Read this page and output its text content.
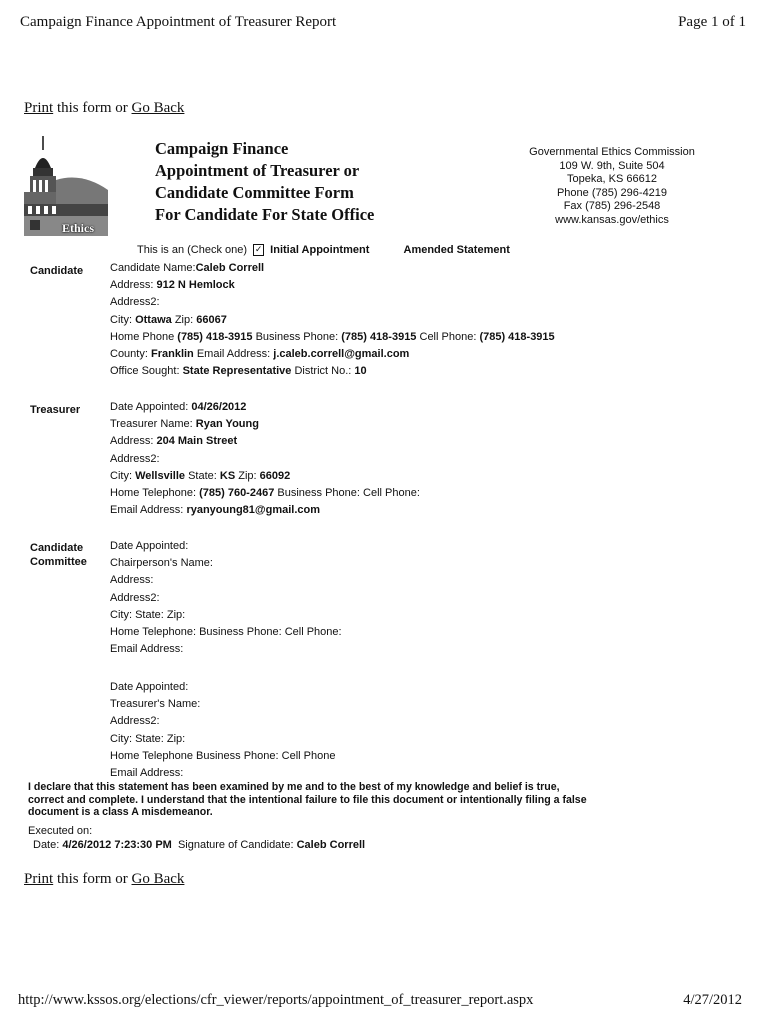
Campaign Finance Appointment of Treasurer Report	Page 1 of 1
Print this form or Go Back
Ethics
Campaign Finance
Appointment of Treasurer or
Candidate Committee Form
For Candidate For State Office
Governmental Ethics Commission
109 W. 9th, Suite 504
Topeka, KS 66612
Phone (785) 296-4219
Fax (785) 296-2548
www.kansas.gov/ethics
This is an (Check one) ✓ Initial Appointment	Amended Statement
Candidate Candidate Name:Caleb Correll
Address: 912 N Hemlock
Address2:
City: Ottawa Zip: 66067
Home Phone (785) 418-3915 Business Phone: (785) 418-3915 Cell Phone: (785) 418-3915
County: Franklin Email Address: j.caleb.correll@gmail.com
Office Sought: State Representative District No.: 10
Treasurer	Date Appointed: 04/26/2012
Treasurer Name: Ryan Young
Address: 204 Main Street
Address2:
City: Wellsville State: KS Zip: 66092
Home Telephone: (785) 760-2467 Business Phone: Cell Phone:
Email Address: ryanyoung81@gmail.com
Candidate
Committee
Date Appointed:
Chairperson's Name:
Address:
Address2:
City: State: Zip:
Home Telephone: Business Phone: Cell Phone:
Email Address:
Date Appointed:
Treasurer's Name:
Address2:
City: State: Zip:
Home Telephone Business Phone: Cell Phone
Email Address:
I declare that this statement has been examined by me and to the best of my knowledge and belief is true,
correct and complete. I understand that the intentional failure to file this document or intentionally filing a false
document is a class A misdemeanor.
Executed on:
Date: 4/26/2012 7:23:30 PM Signature of Candidate: Caleb Correll
Print this form or Go Back
http://www.kssos.org/elections/cfr_viewer/reports/appointment_of_treasurer_report.aspx	4/27/2012
